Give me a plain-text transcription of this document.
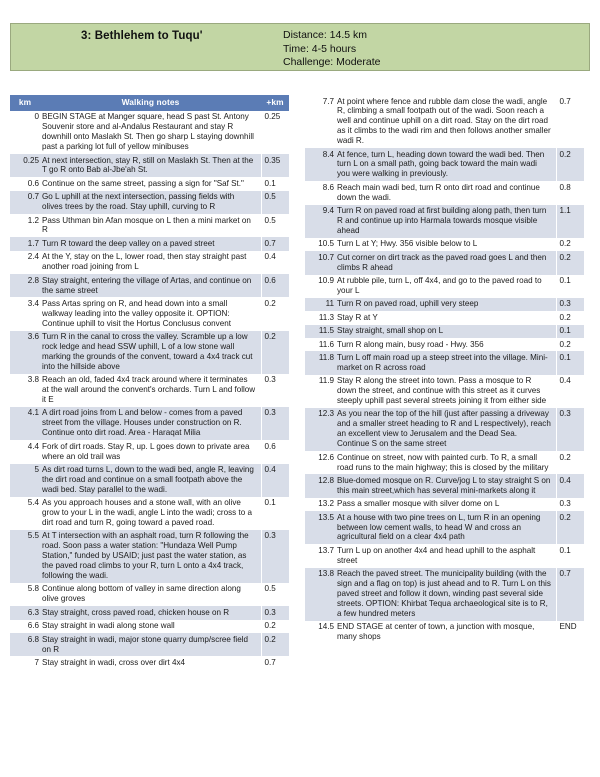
3: Bethlehem to Tuqu'	Distance: 14.5 km
Time: 4-5 hours
Challenge: Moderate
km	Walking notes	+km
0	BEGIN STAGE at Manger square, head S past St. Antony Souvenir store and al-Andalus Restaurant and stay R downhill onto Maslakh St. Then go sharp L staying downhill past a parking lot full of yellow minibuses	0.25
0.25	At next intersection, stay R, still on Maslakh St. Then at the T go R onto Bab al-Jbe'ah St.	0.35
0.6	Continue on the same street, passing a sign for "Saf St."	0.1
0.7	Go L uphill at the next intersection, passing fields with olives trees by the road. Stay uphill, curving to R	0.5
1.2	Pass Uthman bin Afan mosque on L then a mini market on R	0.5
1.7	Turn R toward the deep valley on a paved street	0.7
2.4	At the Y, stay on the L, lower road, then stay straight past another road joining from L	0.4
2.8	Stay straight, entering the village of Artas, and continue on the same street	0.6
3.4	Pass Artas spring on R, and head down into a small walkway leading into the valley opposite it. OPTION: Continue uphill to visit the Hortus Conclusus convent	0.2
3.6	Turn R in the canal to cross the valley. Scramble up a low rock ledge and head SSW uphill, L of a low stone wall marking the grounds of the convent, toward a 4x4 track cut into the hillside above	0.2
3.8	Reach an old, faded 4x4 track around where it terminates at the wall around the convent's orchards. Turn L and follow it E	0.3
4.1	A dirt road joins from L and below - comes from a paved street from the village. Houses under construction on R. Continue onto dirt road. Area - Haraqat Milia	0.3
4.4	Fork of dirt roads. Stay R, up. L goes down to private area where an old trail was	0.6
5	As dirt road turns L, down to the wadi bed, angle R, leaving the dirt road and continue on a small footpath above the wadi bed. Stay parallel to the wadi.	0.4
5.4	As you approach houses and a stone wall, with an olive grow to your L in the wadi, angle L into the wadi; cross to a dirt road and turn R, going toward a paved road.	0.1
5.5	At T intersection with an asphalt road, turn R following the road. Soon pass a water station: "Hundaza Well Pump Station," funded by USAID; just past the water station, as the paved road climbs to your R, turn L onto a 4x4 track, following the wadi.	0.3
5.8	Continue along bottom of valley in same direction along olive groves	0.5
6.3	Stay straight, cross paved road, chicken house on R	0.3
6.6	Stay straight in wadi along stone wall	0.2
6.8	Stay straight in wadi, major stone quarry dump/scree field on R	0.2
7	Stay straight in wadi, cross over dirt 4x4	0.7
7.7	At point where fence and rubble dam close the wadi, angle R, climbing a small footpath out of the wadi. Soon reach a well and continue uphill on a dirt road. Stay on the dirt road as it climbs to the wadi rim and then follows another smaller wadi R.	0.7
8.4	At fence, turn L, heading down toward the wadi bed. Then turn L on a small path, going back toward the main wadi you were walking in previously.	0.2
8.6	Reach main wadi bed, turn R onto dirt road and continue down the wadi.	0.8
9.4	Turn R on paved road at first building along path, then turn R and continue up into Harmala towards mosque visible ahead	1.1
10.5	Turn L at Y; Hwy. 356 visible below to L	0.2
10.7	Cut corner on dirt track as the paved road goes L and then climbs R ahead	0.2
10.9	At rubble pile, turn L, off 4x4, and go to the paved road to your L	0.1
11	Turn R on paved road, uphill very steep	0.3
11.3	Stay R at Y	0.2
11.5	Stay straight, small shop on L	0.1
11.6	Turn R along main, busy road - Hwy. 356	0.2
11.8	Turn L off main road up a steep street into the village. Mini-market on R across road	0.1
11.9	Stay R along the street into town. Pass a mosque to R down the street, and continue with this street as it curves steeply uphill past several streets joining it from either side	0.4
12.3	As you near the top of the hill (just after passing a driveway and a smaller street heading to R and L respectively), reach an excellent view to Jerusalem and the Dead Sea. Continue S on the same street	0.3
12.6	Continue on street, now with painted curb. To R, a small road runs to the main highway; this is closed by the military	0.2
12.8	Blue-domed mosque on R. Curve/jog L to stay straight S on this main street,which has several mini-markets along it	0.4
13.2	Pass a smaller mosque with silver dome on L	0.3
13.5	At a house with two pine trees on L, turn R in an opening between low cement walls, to head W and cross an agricultural field on a clear 4x4 path	0.2
13.7	Turn L up on another 4x4 and head uphill to the asphalt street	0.1
13.8	Reach the paved street. The municipality building (with the sign and a flag on top) is just ahead and to R. Turn L on this paved street and follow it down, winding past several side streets. OPTION: Khirbat Tequa archaeological site is to R, a few hundred meters	0.7
14.5	END STAGE at center of town, a junction with mosque, many shops	END
